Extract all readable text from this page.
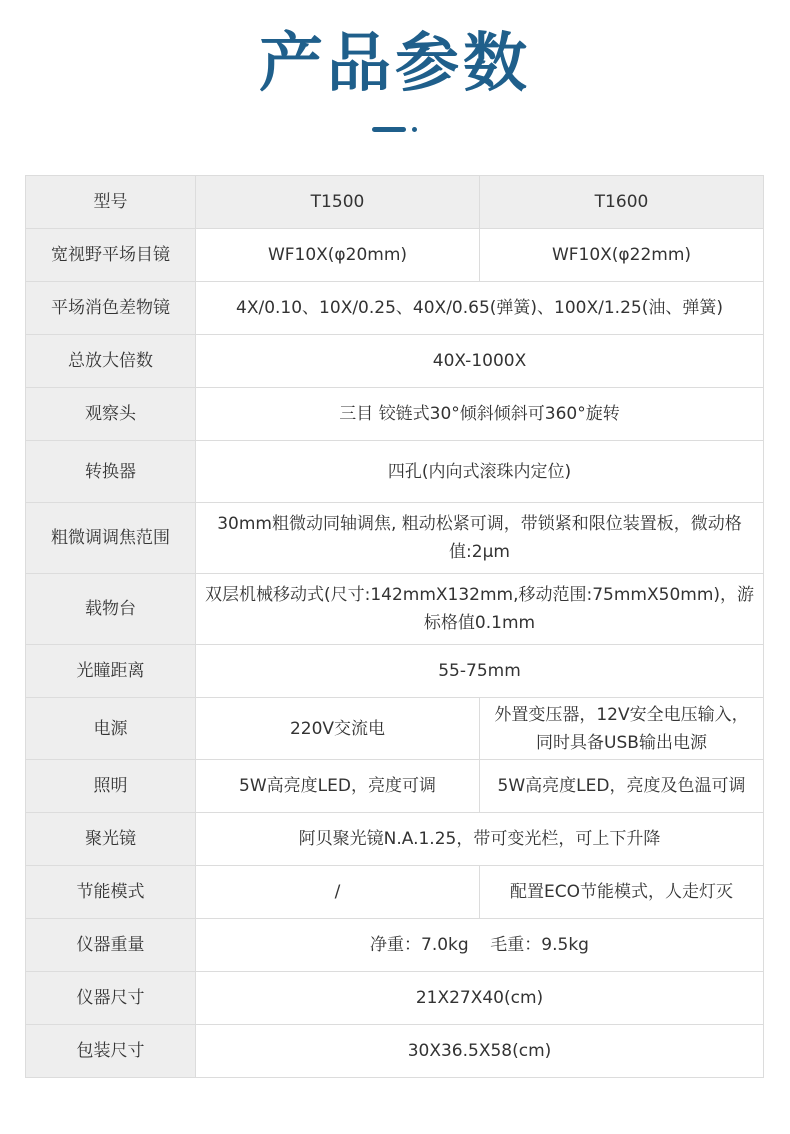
产品参数
型号	T1500	T1600
宽视野平场目镜	WF10X(φ20mm)	WF10X(φ22mm)
平场消色差物镜	4X/0.10、10X/0.25、40X/0.65(弹簧)、100X/1.25(油、弹簧)	
总放大倍数	40X-1000X	
观察头	三目 铰链式30°倾斜倾斜可360°旋转	
转换器	四孔(内向式滚珠内定位)	
粗微调调焦范围	30mm粗微动同轴调焦, 粗动松紧可调，带锁紧和限位装置板，微动格值:2μm	
载物台	双层机械移动式(尺寸:142mmX132mm,移动范围:75mmX50mm)，游标格值0.1mm	
光瞳距离	55-75mm	
电源	220V交流电	外置变压器，12V安全电压输入，同时具备USB输出电源
照明	5W高亮度LED，亮度可调	5W高亮度LED，亮度及色温可调
聚光镜	阿贝聚光镜N.A.1.25，带可变光栏，可上下升降	
节能模式	/	配置ECO节能模式，人走灯灭
仪器重量	净重：7.0kg    毛重：9.5kg	
仪器尺寸	21X27X40(cm)	
包装尺寸	30X36.5X58(cm)	
